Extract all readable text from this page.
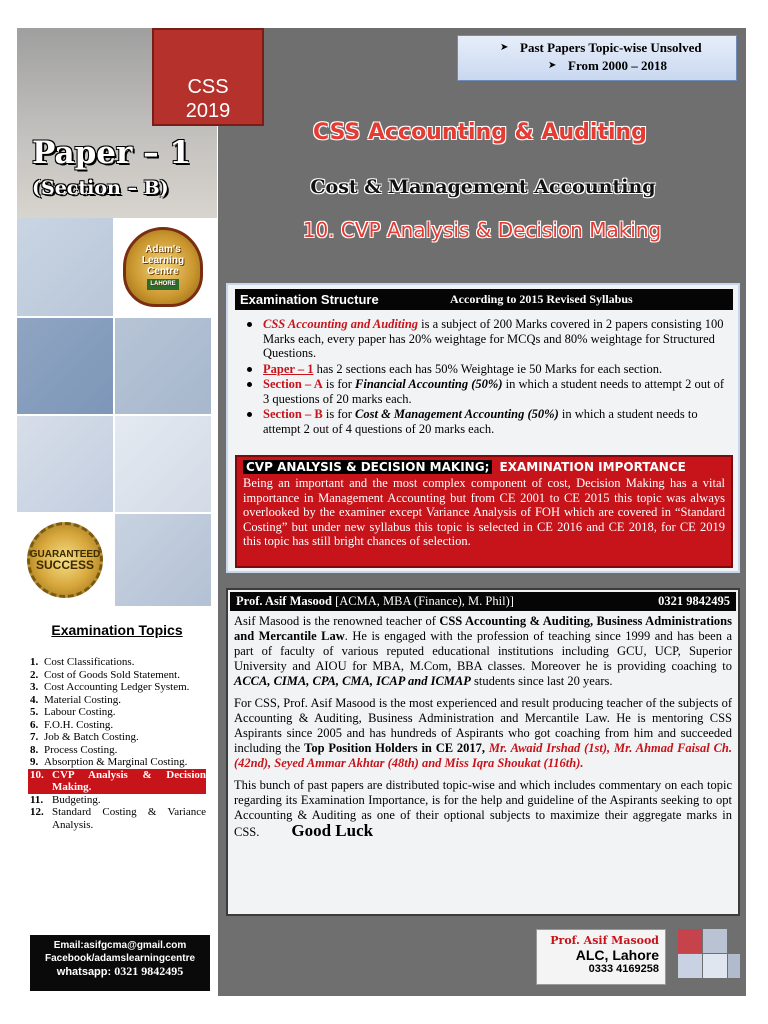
CSS
2019
Paper – 1
(Section – B)
Adam's
Learning
Centre
LAHORE
GUARANTEED
SUCCESS
Examination Topics
1. Cost Classifications.
2. Cost of Goods Sold Statement.
3. Cost Accounting Ledger System.
4. Material Costing.
5. Labour Costing.
6. F.O.H. Costing.
7. Job & Batch Costing.
8. Process Costing.
9. Absorption & Marginal Costing.
10. CVP Analysis & Decision Making.
11. Budgeting.
12. Standard Costing & Variance Analysis.
Email:asifgcma@gmail.com
Facebook/adamslearningcentre
whatsapp: 0321 9842495
➤ Past Papers Topic-wise Unsolved
➤ From 2000 – 2018
CSS Accounting & Auditing
Cost & Management Accounting
10. CVP Analysis & Decision Making
Examination Structure	According to 2015 Revised Syllabus
CSS Accounting and Auditing is a subject of 200 Marks covered in 2 papers consisting 100 Marks each, every paper has 20% weightage for MCQs and 80% weightage for Structured Questions.
Paper – 1 has 2 sections each has 50% Weightage ie 50 Marks for each section.
Section – A is for Financial Accounting (50%) in which a student needs to attempt 2 out of 3 questions of 20 marks each.
Section – B is for Cost & Management Accounting (50%) in which a student needs to attempt 2 out of 4 questions of 20 marks each.
CVP ANALYSIS & DECISION MAKING; EXAMINATION IMPORTANCE
Being an important and the most complex component of cost, Decision Making has a vital importance in Management Accounting but from CE 2001 to CE 2015 this topic was always overlooked by the examiner except Variance Analysis of FOH which are covered in “Standard Costing” but under new syllabus this topic is selected in CE 2016 and CE 2018, for CE 2019 this topic has still bright chances of selection.
Prof. Asif Masood [ACMA, MBA (Finance), M. Phil)]	0321 9842495

Asif Masood is the renowned teacher of CSS Accounting & Auditing, Business Administrations and Mercantile Law. He is engaged with the profession of teaching since 1999 and has been a part of faculty of various reputed educational institutions including GCU, UCP, Superior University and AIOU for MBA, M.Com, BBA classes. Moreover he is providing coaching to ACCA, CIMA, CPA, CMA, ICAP and ICMAP students since last 20 years.

For CSS, Prof. Asif Masood is the most experienced and result producing teacher of the subjects of Accounting & Auditing, Business Administration and Mercantile Law. He is mentoring CSS Aspirants since 2005 and has hundreds of Aspirants who got coaching from him and succeeded including the Top Position Holders in CE 2017, Mr. Awaid Irshad (1st), Mr. Ahmad Faisal Ch. (42nd), Seyed Ammar Akhtar (48th) and Miss Iqra Shoukat (116th).

This bunch of past papers are distributed topic-wise and which includes commentary on each topic regarding its Examination Importance, is for the help and guideline of the Aspirants seeking to opt Accounting & Auditing as one of their optional subjects to maximize their aggregate marks in CSS. Good Luck

Prof. Asif Masood
ALC, Lahore
0333 4169258
